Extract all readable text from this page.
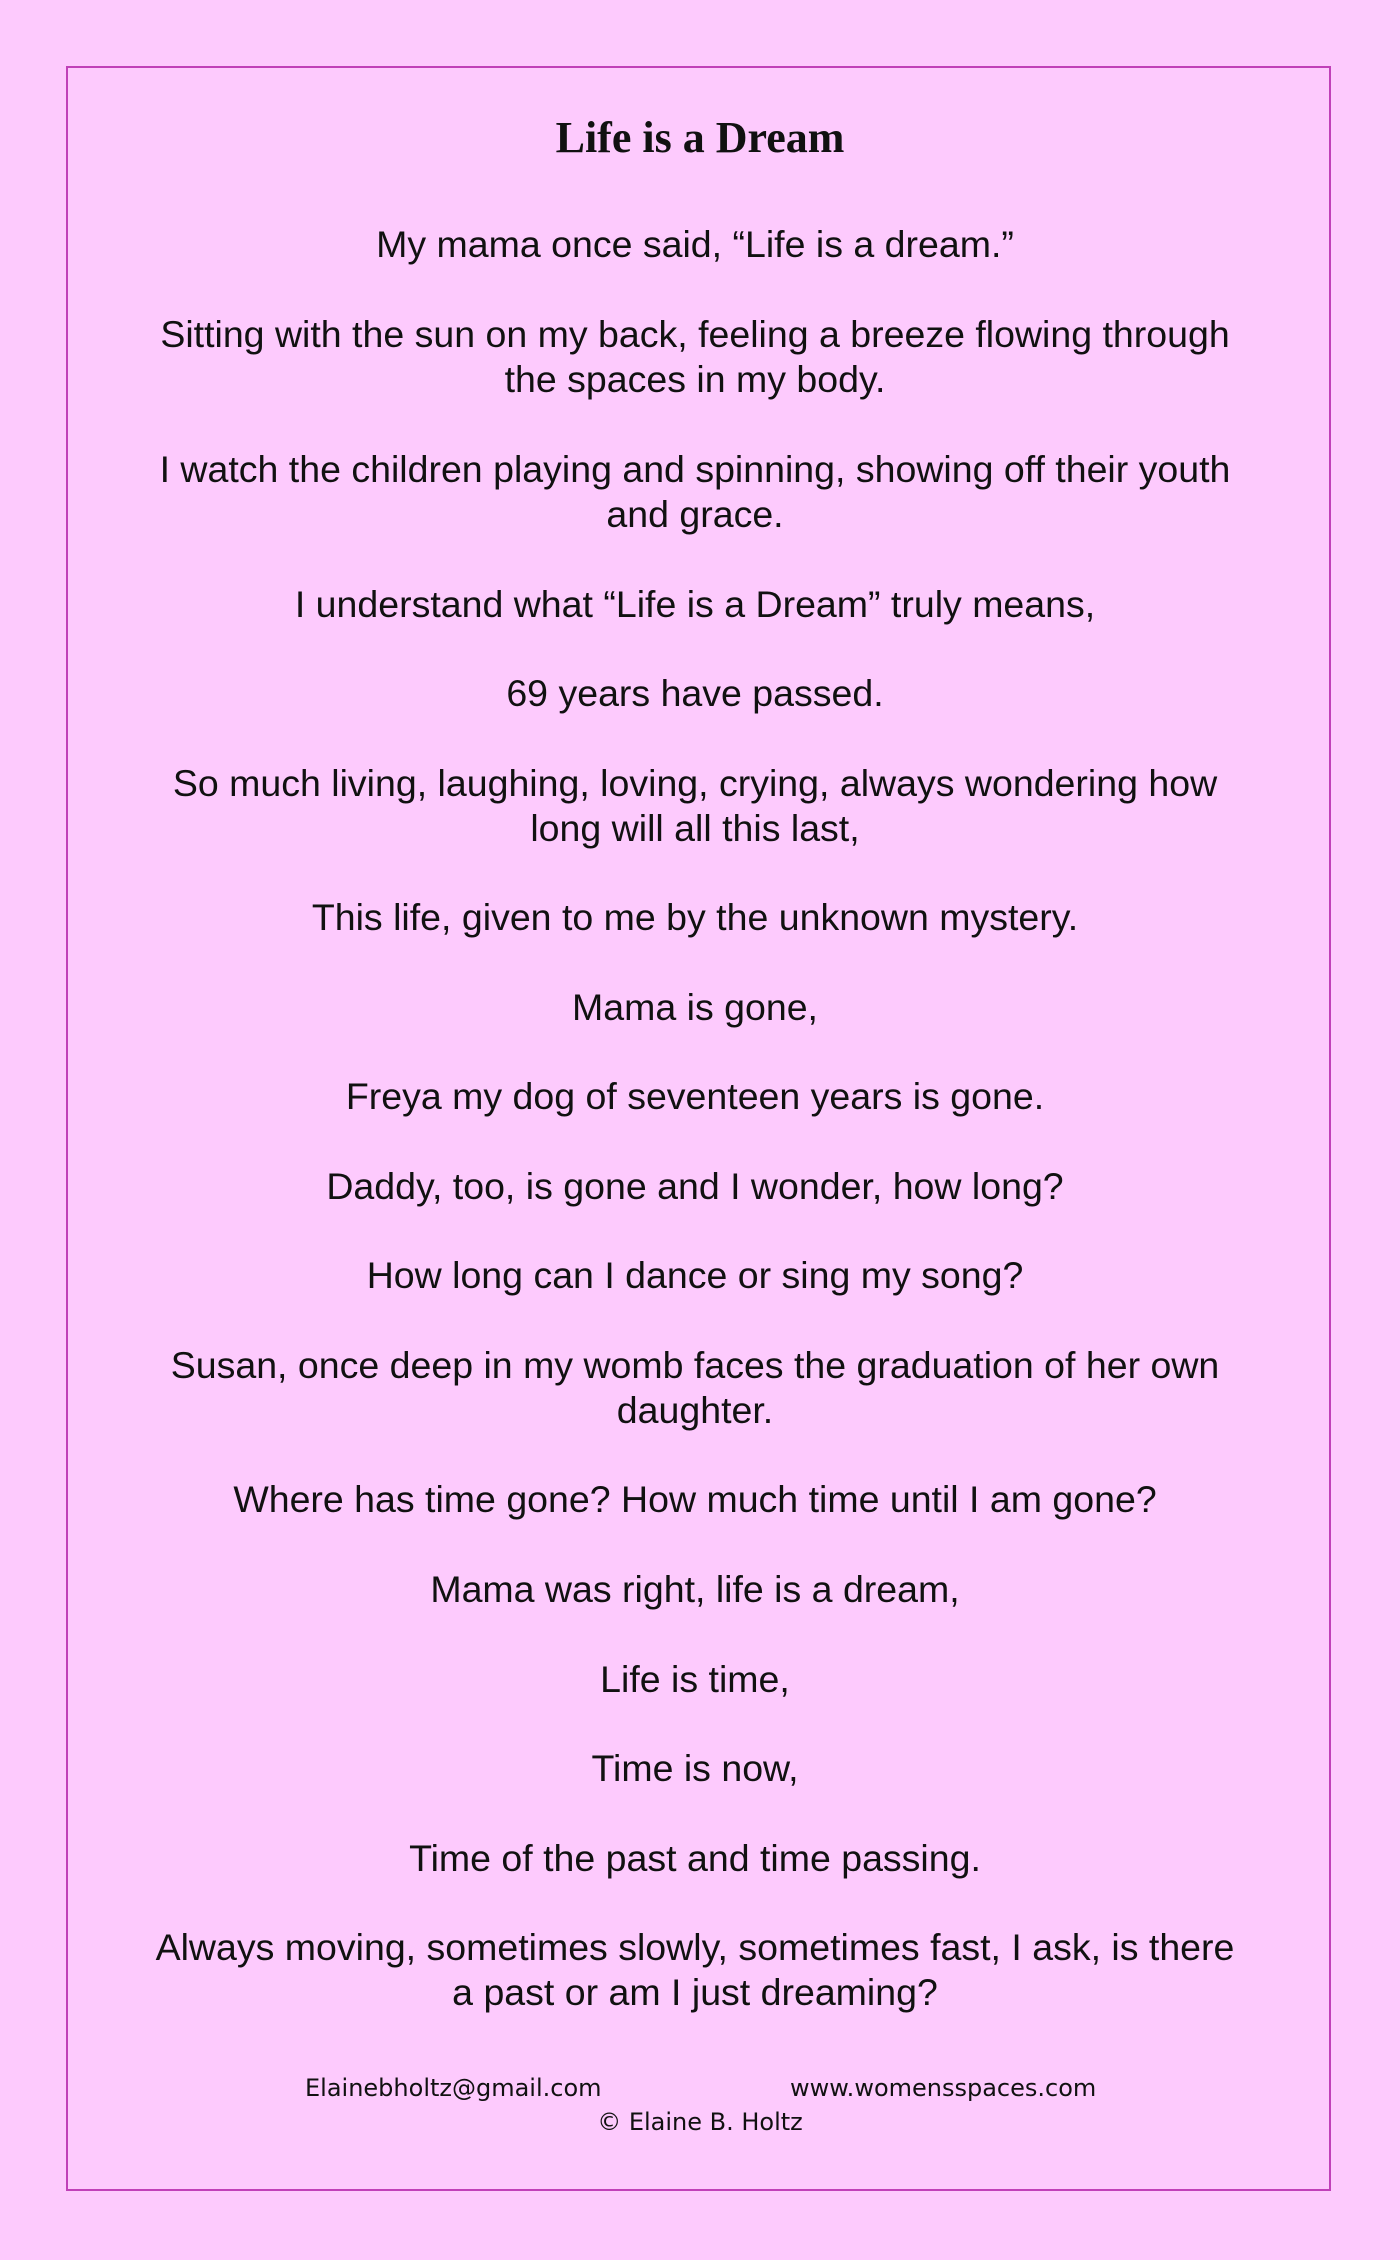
Life is a Dream

My mama once said, “Life is a dream.”

Sitting with the sun on my back, feeling a breeze flowing through the spaces in my body.

I watch the children playing and spinning, showing off their youth and grace.

I understand what “Life is a Dream” truly means,

69 years have passed.

So much living, laughing, loving, crying, always wondering how long will all this last,

This life, given to me by the unknown mystery.

Mama is gone,

Freya my dog of seventeen years is gone.

Daddy, too, is gone and I wonder, how long?

How long can I dance or sing my song?

Susan, once deep in my womb faces the graduation of her own daughter.

Where has time gone? How much time until I am gone?

Mama was right, life is a dream,

Life is time,

Time is now,

Time of the past and time passing.

Always moving, sometimes slowly, sometimes fast, I ask, is there a past or am I just dreaming?

Elainebholtz@gmail.com	www.womensspaces.com

© Elaine B. Holtz
